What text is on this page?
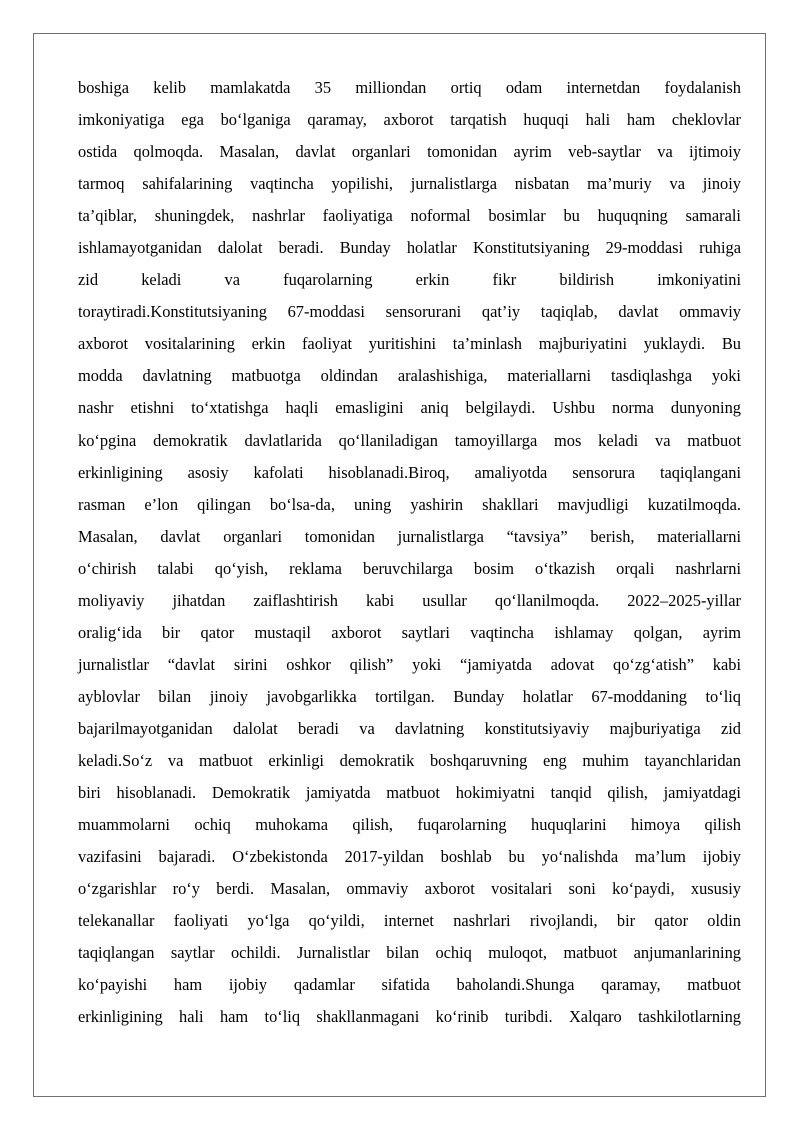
boshiga kelib mamlakatda 35 milliondan ortiq odam internetdan foydalanish
imkoniyatiga ega bo‘lganiga qaramay, axborot tarqatish huquqi hali ham cheklovlar
ostida qolmoqda. Masalan, davlat organlari tomonidan ayrim veb-saytlar va ijtimoiy
tarmoq sahifalarining vaqtincha yopilishi, jurnalistlarga nisbatan ma’muriy va jinoiy
ta’qiblar, shuningdek, nashrlar faoliyatiga noformal bosimlar bu huquqning samarali
ishlamayotganidan dalolat beradi. Bunday holatlar Konstitutsiyaning 29-moddasi ruhiga
zid keladi va fuqarolarning erkin fikr bildirish imkoniyatini
toraytiradi.Konstitutsiyaning 67-moddasi sensorurani qat’iy taqiqlab, davlat ommaviy
axborot vositalarining erkin faoliyat yuritishini ta’minlash majburiyatini yuklaydi. Bu
modda davlatning matbuotga oldindan aralashishiga, materiallarni tasdiqlashga yoki
nashr etishni to‘xtatishga haqli emasligini aniq belgilaydi. Ushbu norma dunyoning
ko‘pgina demokratik davlatlarida qo‘llaniladigan tamoyillarga mos keladi va matbuot
erkinligining asosiy kafolati hisoblanadi.Biroq, amaliyotda sensorura taqiqlangani
rasman e’lon qilingan bo‘lsa-da, uning yashirin shakllari mavjudligi kuzatilmoqda.
Masalan, davlat organlari tomonidan jurnalistlarga “tavsiya” berish, materiallarni
o‘chirish talabi qo‘yish, reklama beruvchilarga bosim o‘tkazish orqali nashrlarni
moliyaviy jihatdan zaiflashtirish kabi usullar qo‘llanilmoqda. 2022–2025-yillar
oralig‘ida bir qator mustaqil axborot saytlari vaqtincha ishlamay qolgan, ayrim
jurnalistlar “davlat sirini oshkor qilish” yoki “jamiyatda adovat qo‘zg‘atish” kabi
ayblovlar bilan jinoiy javobgarlikka tortilgan. Bunday holatlar 67-moddaning to‘liq
bajarilmayotganidan dalolat beradi va davlatning konstitutsiyaviy majburiyatiga zid
keladi.So‘z va matbuot erkinligi demokratik boshqaruvning eng muhim tayanchlaridan
biri hisoblanadi. Demokratik jamiyatda matbuot hokimiyatni tanqid qilish, jamiyatdagi
muammolarni ochiq muhokama qilish, fuqarolarning huquqlarini himoya qilish
vazifasini bajaradi. O‘zbekistonda 2017-yildan boshlab bu yo‘nalishda ma’lum ijobiy
o‘zgarishlar ro‘y berdi. Masalan, ommaviy axborot vositalari soni ko‘paydi, xususiy
telekanallar faoliyati yo‘lga qo‘yildi, internet nashrlari rivojlandi, bir qator oldin
taqiqlangan saytlar ochildi. Jurnalistlar bilan ochiq muloqot, matbuot anjumanlarining
ko‘payishi ham ijobiy qadamlar sifatida baholandi.Shunga qaramay, matbuot
erkinligining hali ham to‘liq shakllanmagani ko‘rinib turibdi. Xalqaro tashkilotlarning
